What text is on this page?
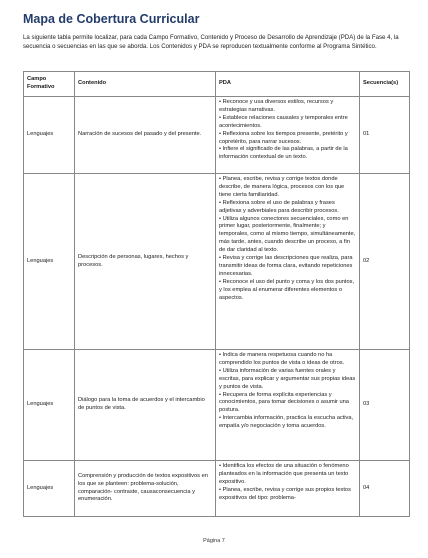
Mapa de Cobertura Curricular

La siguiente tabla permite localizar, para cada Campo Formativo, Contenido y Proceso de Desarrollo de Aprendizaje (PDA) de la Fase 4, la secuencia o secuencias en las que se aborda. Los Contenidos y PDA se reproducen textualmente conforme al Programa Sintético.

Campo Formativo	Contenido	PDA	Secuencia(s)
Lenguajes	Narración de sucesos del pasado y del presente.	• Reconoce y usa diversos estilos, recursos y estrategias narrativas.
• Establece relaciones causales y temporales entre acontecimientos.
• Reflexiona sobre los tiempos presente, pretérito y copretérito, para narrar sucesos.
• Infiere el significado de las palabras, a partir de la información contextual de un texto.	01
Lenguajes	Descripción de personas, lugares, hechos y procesos.	• Planea, escribe, revisa y corrige textos donde describe, de manera lógica, procesos con los que tiene cierta familiaridad.
• Reflexiona sobre el uso de palabras y frases adjetivas y adverbiales para describir procesos.
• Utiliza algunos conectores secuenciales, como en primer lugar, posteriormente, finalmente; y temporales, como al mismo tiempo, simultáneamente, más tarde, antes, cuando describe un proceso, a fin de dar claridad al texto.
• Revisa y corrige las descripciones que realiza, para transmitir ideas de forma clara, evitando repeticiones innecesarias.
• Reconoce el uso del punto y coma y los dos puntos, y los emplea al enumerar diferentes elementos o aspectos.	02
Lenguajes	Diálogo para la toma de acuerdos y el intercambio de puntos de vista.	• Indica de manera respetuosa cuando no ha comprendido los puntos de vista o ideas de otros.
• Utiliza información de varias fuentes orales y escritas, para explicar y argumentar sus propias ideas y puntos de vista.
• Recupera de forma explícita experiencias y conocimientos, para tomar decisiones o asumir una postura.
• Intercambia información, practica la escucha activa, empatía y/o negociación y toma acuerdos.	03
Lenguajes	Comprensión y producción de textos expositivos en los que se planteen: problema-solución, comparación- contraste, causaconsecuencia y enumeración.	• Identifica los efectos de una situación o fenómeno planteados en la información que presenta un texto expositivo.
• Planea, escribe, revisa y corrige sus propios textos expositivos del tipo: problema-	04
Página 7
